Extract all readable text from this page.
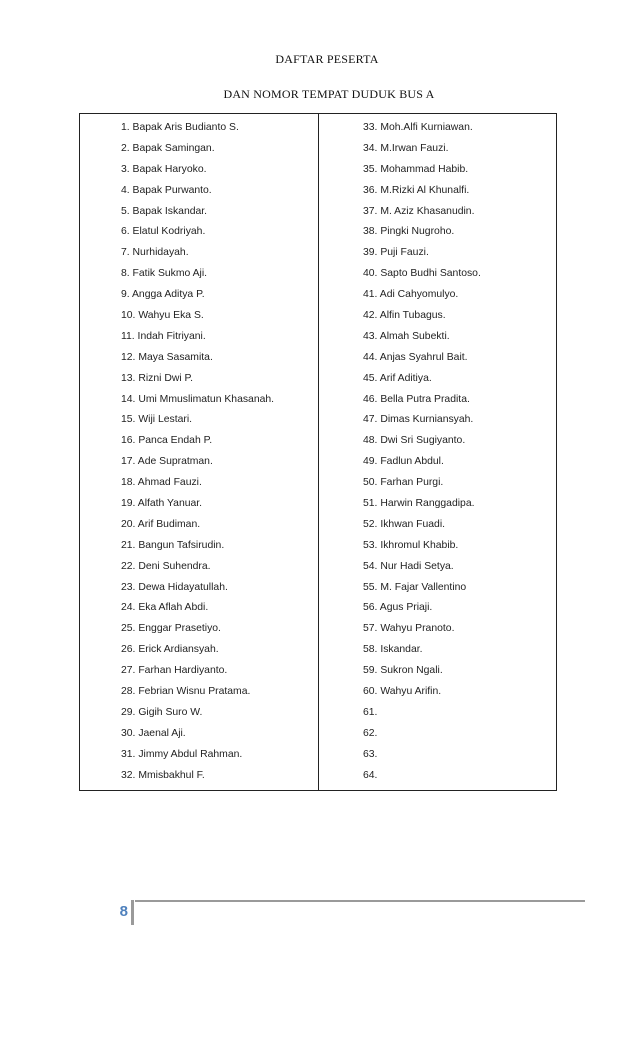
DAFTAR PESERTA
DAN NOMOR TEMPAT DUDUK BUS A
1. Bapak Aris Budianto S.
2. Bapak Samingan.
3. Bapak Haryoko.
4. Bapak Purwanto.
5. Bapak Iskandar.
6. Elatul Kodriyah.
7. Nurhidayah.
8. Fatik Sukmo Aji.
9. Angga Aditya P.
10. Wahyu Eka S.
11. Indah Fitriyani.
12. Maya Sasamita.
13. Rizni Dwi P.
14. Umi Mmuslimatun Khasanah.
15. Wiji Lestari.
16. Panca Endah P.
17. Ade Supratman.
18. Ahmad Fauzi.
19. Alfath Yanuar.
20. Arif Budiman.
21. Bangun Tafsirudin.
22. Deni Suhendra.
23. Dewa Hidayatullah.
24. Eka Aflah Abdi.
25. Enggar Prasetiyo.
26. Erick Ardiansyah.
27. Farhan Hardiyanto.
28. Febrian Wisnu Pratama.
29. Gigih Suro W.
30. Jaenal Aji.
31. Jimmy Abdul Rahman.
32. Mmisbakhul F.
33. Moh.Alfi Kurniawan.
34. M.Irwan Fauzi.
35. Mohammad Habib.
36. M.Rizki Al Khunalfi.
37. M. Aziz Khasanudin.
38. Pingki Nugroho.
39. Puji Fauzi.
40. Sapto Budhi Santoso.
41. Adi Cahyomulyo.
42. Alfin Tubagus.
43. Almah Subekti.
44. Anjas Syahrul Bait.
45. Arif Aditiya.
46. Bella Putra Pradita.
47. Dimas Kurniansyah.
48. Dwi Sri Sugiyanto.
49. Fadlun Abdul.
50. Farhan Purgi.
51. Harwin Ranggadipa.
52. Ikhwan Fuadi.
53. Ikhromul Khabib.
54. Nur Hadi Setya.
55. M. Fajar Vallentino
56. Agus Priaji.
57. Wahyu Pranoto.
58. Iskandar.
59. Sukron Ngali.
60. Wahyu Arifin.
61.
62.
63.
64.
8
